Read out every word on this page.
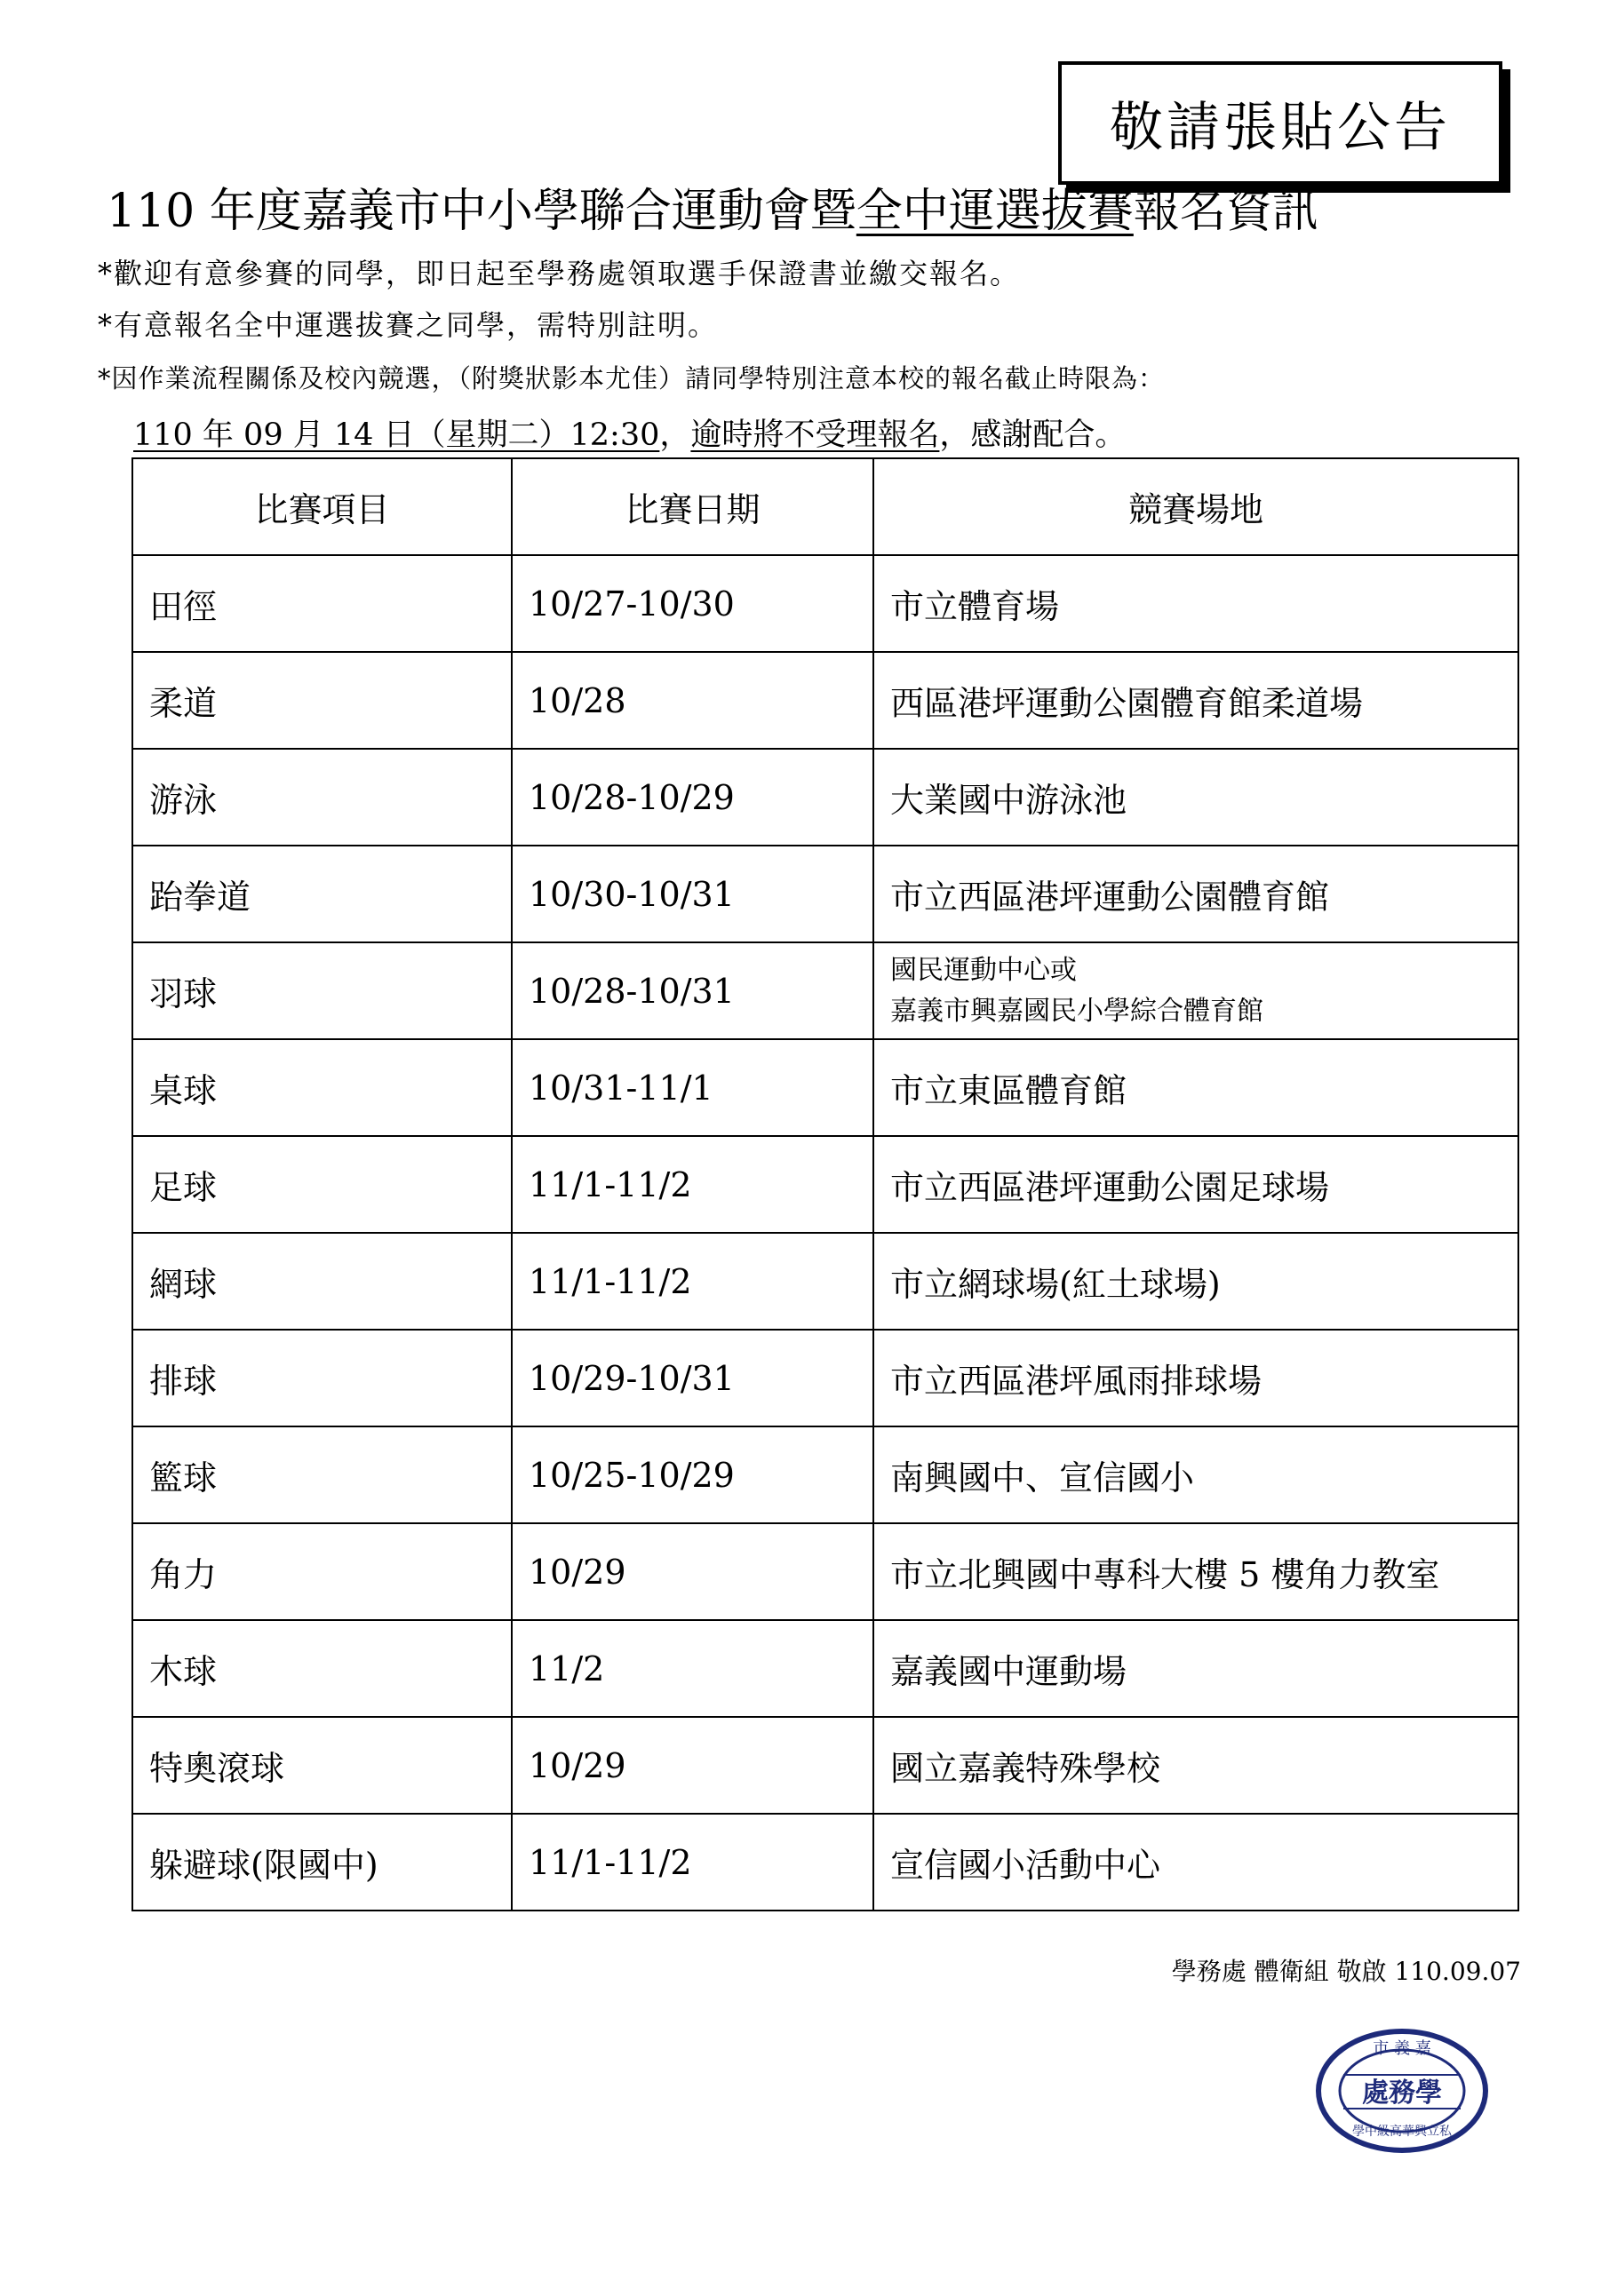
敬請張貼公告
110 年度嘉義市中小學聯合運動會暨全中運選拔賽報名資訊
*歡迎有意參賽的同學，即日起至學務處領取選手保證書並繳交報名。
*有意報名全中運選拔賽之同學，需特別註明。
*因作業流程關係及校內競選，（附獎狀影本尤佳）請同學特別注意本校的報名截止時限為：
110 年 09 月 14 日（星期二）12:30，逾時將不受理報名，感謝配合。
比賽項目	比賽日期	競賽場地
田徑	10/27-10/30	市立體育場
柔道	10/28	西區港坪運動公園體育館柔道場
游泳	10/28-10/29	大業國中游泳池
跆拳道	10/30-10/31	市立西區港坪運動公園體育館
羽球	10/28-10/31	國民運動中心或
嘉義市興嘉國民小學綜合體育館

桌球	10/31-11/1	市立東區體育館
足球	11/1-11/2	市立西區港坪運動公園足球場
網球	11/1-11/2	市立網球場(紅土球場)
排球	10/29-10/31	市立西區港坪風雨排球場
籃球	10/25-10/29	南興國中、宣信國小
角力	10/29	市立北興國中專科大樓 5 樓角力教室
木球	11/2	嘉義國中運動場
特奧滾球	10/29	國立嘉義特殊學校
躲避球(限國中)	11/1-11/2	宣信國小活動中心
學務處 體衛組 敬啟 110.09.07
市 義 嘉
處務學
學中級高華興立私
